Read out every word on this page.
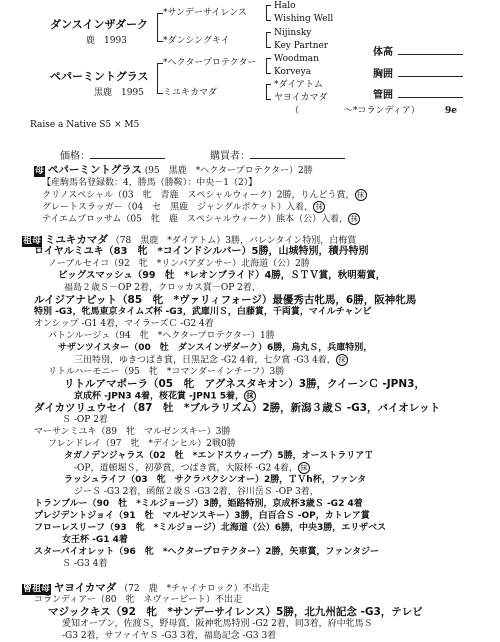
ダンスインザダーク
鹿　1993
ペパーミントグラス
黒鹿　1995
*サンデーサイレンス
*ダンシングキイ
*ヘクタープロテクター
ミユキカマダ
Halo
Wishing Well
Nijinsky
Key Partner
Woodman
Korveya
*ダイアトム
ヤヨイカマダ
（　　　　　～*コランディア）	9e
Raise a Native S5 × M5
体高
胸囲
管囲
価格：	購買者：
母 ペパーミントグラス (95　黒鹿　*ヘクタープロテクター）2勝
【産駒馬名登録数：4，勝馬（勝鞍）：中央－1（2）】
クリノスペシャル（03　牝　青鹿　スペシャルウィーク）2勝，りんどう賞， 抹
グレートスラッガー（04　セ　黒鹿　ジャングルポケット）入着， 抹
テイエムブロッサム（05　牝　鹿　スペシャルウィーク）熊本（公）入着， 抹
祖母 ミユキカマダ （78　黒鹿　*ダイアトム）3勝，バレンタイン特別，白梅賞
ロイヤルミユキ（83　牝　*コインドシルバー）5勝，山城特別，積丹特別
ノーブルセイコ（92　牝　*リンパアダンサー）北海道（公）2勝
ビッグスマッシュ（99　牡　*レオンブライド）4勝，ＳＴＶ賞，秋明菊賞，
福島２歳Ｓ－OP 2着，クロッカス賞－OP 2着，
ルイジアナピット（85　牝　*ヴァリィフォージ）最優秀古牝馬，6勝，阪神牝馬
特別 -G3，牝馬東京タイムズ杯 -G3，武庫川Ｓ，白藤賞，千両賞，マイルチャンピ
オンシップ -G1 4着，マイラーズＣ -G2 4着
パトンルージュ（94　牝　*ヘクタープロテクター）1勝
サザンツイスター（00　牡　ダンスインザダーク）6勝，烏丸Ｓ，兵庫特別，
三田特別，ゆきつばき賞，日黒記念 -G2 4着，七夕賞 -G3 4着， 抹
リトルハーモニー（95　牝　*コマンダーインチーフ）3勝
リトルアマポーラ（05　牝　アグネスタキオン）3勝，クイーンＣ -JPN3，
京成杯 -JPN3 4着，桜花賞 -JPN1 5着， 抹
ダイカツリュウセイ（87　牡　*ブルラリズム）2勝，新潟３歳Ｓ -G3，バイオレット
Ｓ -OP 2着
マーサンミユキ（89　牝　マルゼンスキー）3勝
フレンドレイ（97　牝　*デインヒル）2戦0勝
タガノデンジャラス（02　牡　*エンドスウィープ）5勝，オーストラリアＴ
-OP，道頓堀Ｓ，初夢賞，つばき賞，大阪杯 -G2 4着， 抹
ラッシュライフ（03　牝　サクラバクシンオー）2勝，ＴＶh杯，ファンタ
ジーＳ -G3 2着，函館２歳Ｓ -G3 2着，谷川岳Ｓ -OP 3着，
トランブルー（90　牡　*ミルジョージ）3勝，姫路特別，京成杯3歳Ｓ -G2 4着
プレジデントジョイ（91　牡　マルゼンスキー）3勝，白百合Ｓ -OP，カトレア賞
フローレスリーフ（93　牝　*ミルジョージ）北海道（公）6勝，中央3勝，エリザベス
女王杯 -G1 4着
スターバイオレット（96　牝　*ヘクタープロテクター）2勝，矢車賞，ファンタジー
Ｓ -G3 4着
曾祖母 ヤヨイカマダ （72　鹿　*チャイナロック）不出走
コランディアー（80　牝　ネヴァービート）不出走
マジックキス（92　牝　*サンデーサイレンス）5勝，北九州記念 -G3，テレビ
愛知オープン，佐渡Ｓ，野母賞，阪神牝馬特別 -G2 2着，同3着，府中牝馬Ｓ
-G3 2着，サファイヤＳ -G3 3着，福島記念 -G3 3着
